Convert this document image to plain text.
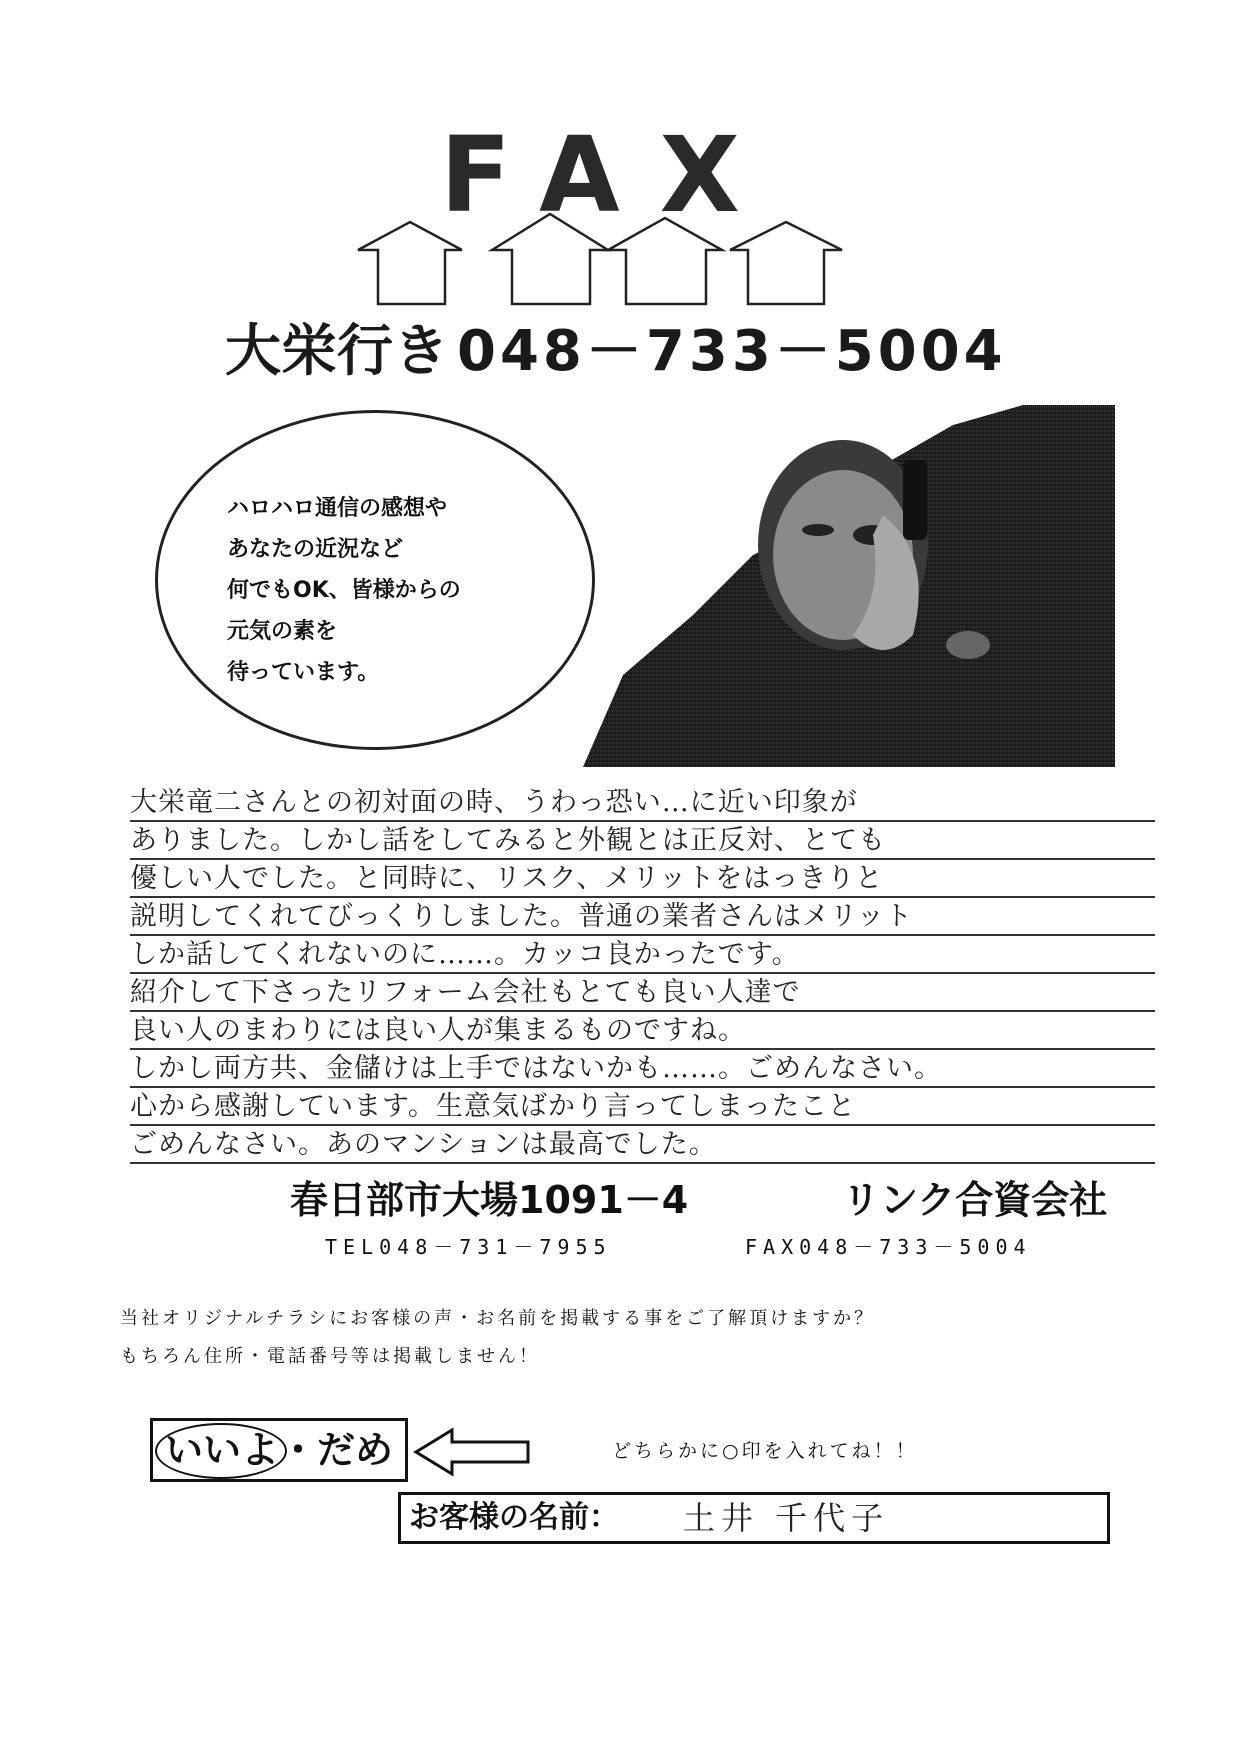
FAX
大栄行き 048－733－5004
ハロハロ通信の感想や
あなたの近況など
何でもOK、皆様からの
元気の素を
待っています。
大栄竜二さんとの初対面の時、うわっ恐い…に近い印象が
ありました。しかし話をしてみると外観とは正反対、とても
優しい人でした。と同時に、リスク、メリットをはっきりと
説明してくれてびっくりしました。普通の業者さんはメリット
しか話してくれないのに……。カッコ良かったです。
紹介して下さったリフォーム会社もとても良い人達で
良い人のまわりには良い人が集まるものですね。
しかし両方共、金儲けは上手ではないかも……。ごめんなさい。
心から感謝しています。生意気ばかり言ってしまったこと
ごめんなさい。あのマンションは最高でした。
春日部市大場1091－4	リンク合資会社
TEL048－731－7955	FAX048－733－5004
当社オリジナルチラシにお客様の声・お名前を掲載する事をご了解頂けますか？
もちろん住所・電話番号等は掲載しません！
いいよ・だめ	どちらかに○印を入れてね！！
お客様の名前： 土井 千代子
